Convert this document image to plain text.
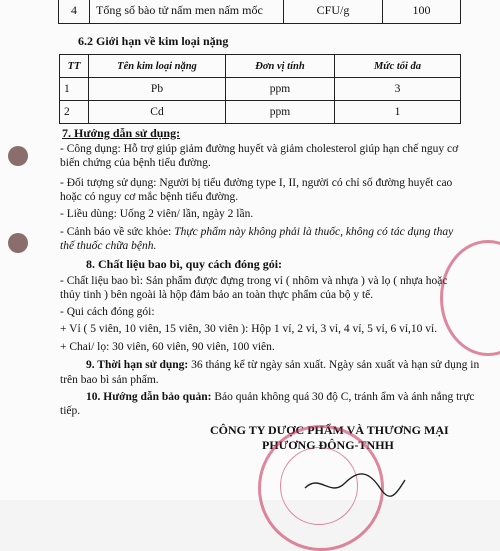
4	Tổng số bào tử nấm men nấm mốc	CFU/g	100
6.2 Giới hạn về kim loại nặng
TT	Tên kim loại nặng	Đơn vị tính	Mức tối đa
1	Pb	ppm	3
2	Cd	ppm	1
7. Hướng dẫn sử dụng:
- Công dụng: Hỗ trợ giúp giảm đường huyết và giảm cholesterol giúp hạn chế nguy cơ
biến chứng của bệnh tiểu đường.
- Đối tượng sử dụng: Người bị tiểu đường type I, II, người có chỉ số đường huyết cao
hoặc có nguy cơ mắc bệnh tiểu đường.
- Liều dùng: Uống 2 viên/ lần, ngày 2 lần.
- Cảnh báo về sức khỏe: Thực phẩm này không phải là thuốc, không có tác dụng thay
thế thuốc chữa bệnh.
8. Chất liệu bao bì, quy cách đóng gói:
- Chất liệu bao bì: Sản phẩm được đựng trong vỉ ( nhôm và nhựa ) và lọ ( nhựa hoặc
thủy tinh ) bên ngoài là hộp đảm bảo an toàn thực phẩm của bộ y tế.
- Qui cách đóng gói:
+ Vỉ ( 5 viên, 10 viên, 15 viên, 30 viên ): Hộp 1 vỉ, 2 vỉ, 3 vỉ, 4 vỉ, 5 vỉ, 6 vỉ,10 vỉ.
+ Chai/ lọ: 30 viên, 60 viên, 90 viên, 100 viên.
9. Thời hạn sử dụng: 36 tháng kể từ ngày sản xuất. Ngày sản xuất và hạn sử dụng in
trên bao bì sản phẩm.
10. Hướng dẫn bảo quản: Bảo quản không quá 30 độ C, tránh ẩm và ánh nắng trực
tiếp.
CÔNG TY DƯỢC PHẨM VÀ THƯƠNG MẠI
PHƯƠNG ĐÔNG-TNHH
